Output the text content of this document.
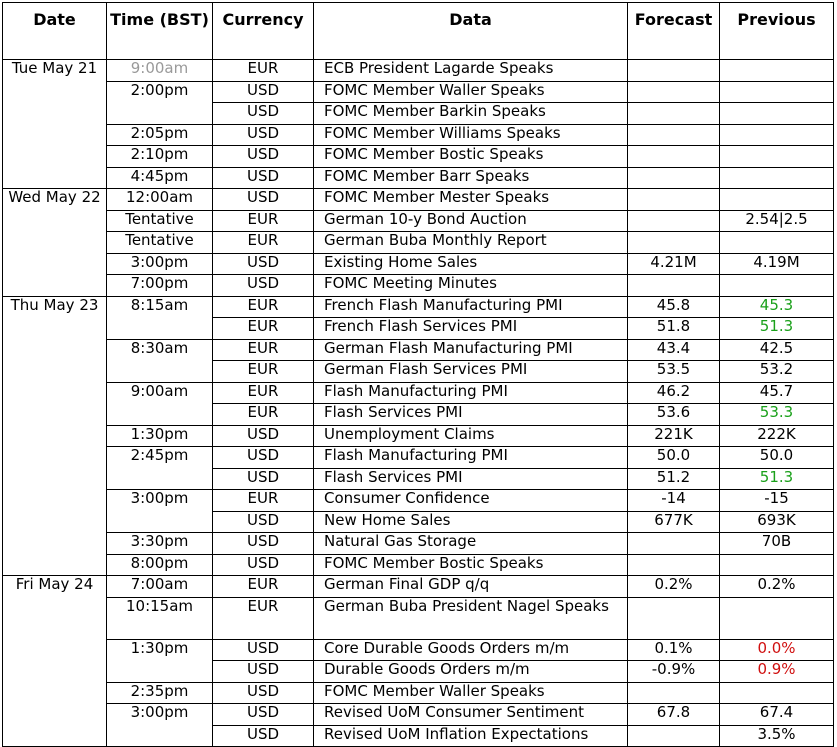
Date	Time (BST)	Currency	Data	Forecast	Previous
Tue May 21	9:00am	EUR	ECB President Lagarde Speaks		
	2:00pm	USD	FOMC Member Waller Speaks		
		USD	FOMC Member Barkin Speaks		
	2:05pm	USD	FOMC Member Williams Speaks		
	2:10pm	USD	FOMC Member Bostic Speaks		
	4:45pm	USD	FOMC Member Barr Speaks		
Wed May 22	12:00am	USD	FOMC Member Mester Speaks		
	Tentative	EUR	German 10-y Bond Auction		2.54|2.5
	Tentative	EUR	German Buba Monthly Report		
	3:00pm	USD	Existing Home Sales	4.21M	4.19M
	7:00pm	USD	FOMC Meeting Minutes		
Thu May 23	8:15am	EUR	French Flash Manufacturing PMI	45.8	45.3
		EUR	French Flash Services PMI	51.8	51.3
	8:30am	EUR	German Flash Manufacturing PMI	43.4	42.5
		EUR	German Flash Services PMI	53.5	53.2
	9:00am	EUR	Flash Manufacturing PMI	46.2	45.7
		EUR	Flash Services PMI	53.6	53.3
	1:30pm	USD	Unemployment Claims	221K	222K
	2:45pm	USD	Flash Manufacturing PMI	50.0	50.0
		USD	Flash Services PMI	51.2	51.3
	3:00pm	EUR	Consumer Confidence	-14	-15
		USD	New Home Sales	677K	693K
	3:30pm	USD	Natural Gas Storage		70B
	8:00pm	USD	FOMC Member Bostic Speaks		
Fri May 24	7:00am	EUR	German Final GDP q/q	0.2%	0.2%
	10:15am	EUR	German Buba President Nagel Speaks		
	1:30pm	USD	Core Durable Goods Orders m/m	0.1%	0.0%
		USD	Durable Goods Orders m/m	-0.9%	0.9%
	2:35pm	USD	FOMC Member Waller Speaks		
	3:00pm	USD	Revised UoM Consumer Sentiment	67.8	67.4
		USD	Revised UoM Inflation Expectations		3.5%
